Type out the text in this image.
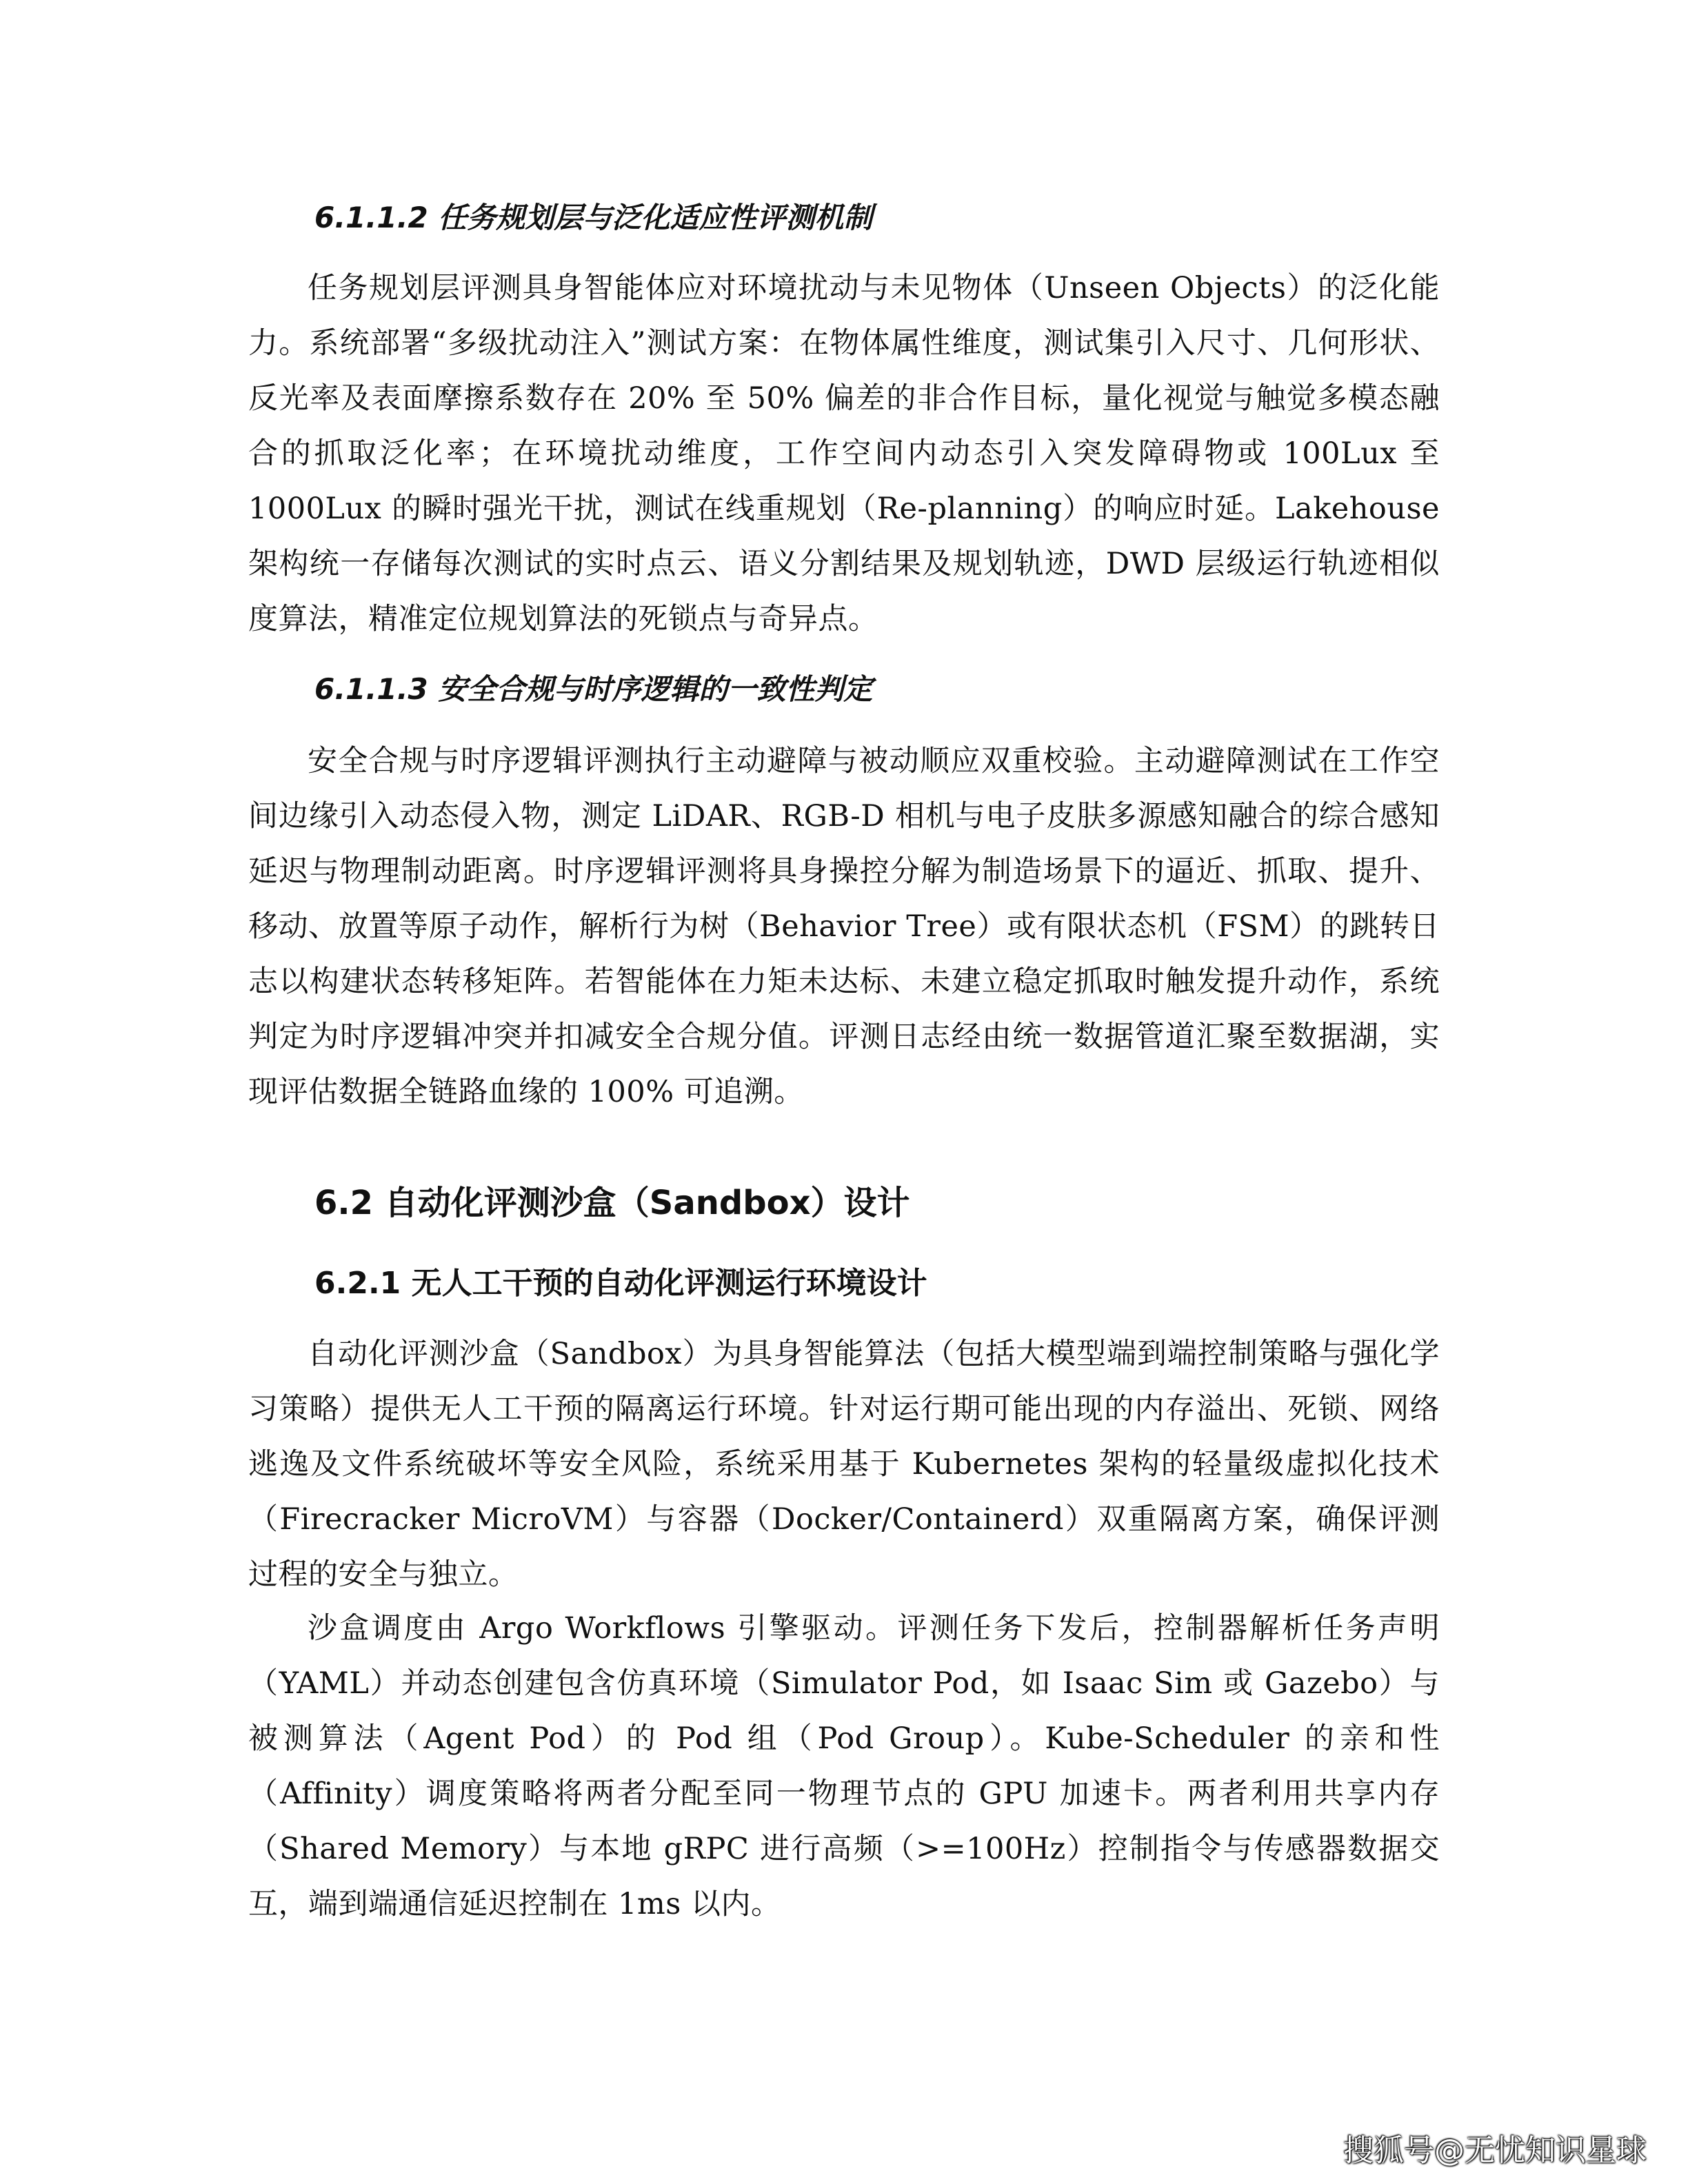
6.1.1.2 任务规划层与泛化适应性评测机制

任务规划层评测具身智能体应对环境扰动与未见物体（Unseen Objects）的泛化能力。系统部署“多级扰动注入”测试方案：在物体属性维度，测试集引入尺寸、几何形状、反光率及表面摩擦系数存在 20% 至 50% 偏差的非合作目标，量化视觉与触觉多模态融合的抓取泛化率；在环境扰动维度，工作空间内动态引入突发障碍物或 100Lux 至 1000Lux 的瞬时强光干扰，测试在线重规划（Re-planning）的响应时延。Lakehouse 架构统一存储每次测试的实时点云、语义分割结果及规划轨迹，DWD 层级运行轨迹相似度算法，精准定位规划算法的死锁点与奇异点。

6.1.1.3 安全合规与时序逻辑的一致性判定

安全合规与时序逻辑评测执行主动避障与被动顺应双重校验。主动避障测试在工作空间边缘引入动态侵入物，测定 LiDAR、RGB-D 相机与电子皮肤多源感知融合的综合感知延迟与物理制动距离。时序逻辑评测将具身操控分解为制造场景下的逼近、抓取、提升、移动、放置等原子动作，解析行为树（Behavior Tree）或有限状态机（FSM）的跳转日志以构建状态转移矩阵。若智能体在力矩未达标、未建立稳定抓取时触发提升动作，系统判定为时序逻辑冲突并扣减安全合规分值。评测日志经由统一数据管道汇聚至数据湖，实现评估数据全链路血缘的 100% 可追溯。

6.2 自动化评测沙盒（Sandbox）设计
6.2.1 无人工干预的自动化评测运行环境设计

自动化评测沙盒（Sandbox）为具身智能算法（包括大模型端到端控制策略与强化学习策略）提供无人工干预的隔离运行环境。针对运行期可能出现的内存溢出、死锁、网络逃逸及文件系统破坏等安全风险，系统采用基于 Kubernetes 架构的轻量级虚拟化技术（Firecracker MicroVM）与容器（Docker/Containerd）双重隔离方案，确保评测过程的安全与独立。

沙盒调度由 Argo Workflows 引擎驱动。评测任务下发后，控制器解析任务声明（YAML）并动态创建包含仿真环境（Simulator Pod，如 Isaac Sim 或 Gazebo）与被测算法（Agent Pod）的 Pod 组（Pod Group）。Kube-Scheduler 的亲和性（Affinity）调度策略将两者分配至同一物理节点的 GPU 加速卡。两者利用共享内存（Shared Memory）与本地 gRPC 进行高频（>=100Hz）控制指令与传感器数据交互，端到端通信延迟控制在 1ms 以内。

搜狐号@无忧知识星球
